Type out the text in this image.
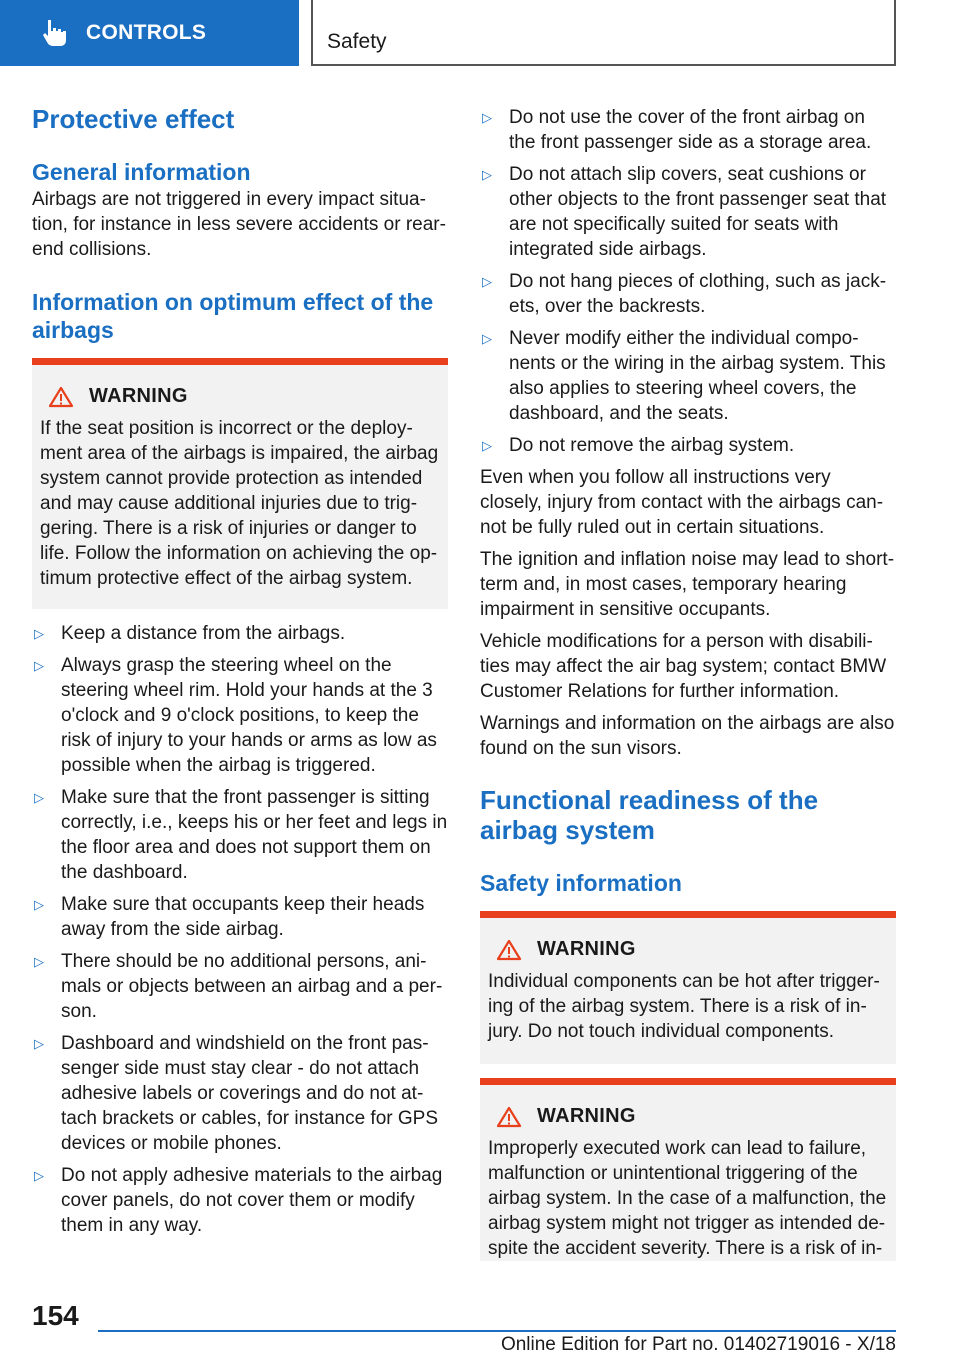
CONTROLS	Safety
Protective effect
General information

Airbags are not triggered in every impact situation, for instance in less severe accidents or rear-end collisions.

Information on optimum effect of the airbags
WARNING

If the seat position is incorrect or the deployment area of the airbags is impaired, the airbag system cannot provide protection as intended and may cause additional injuries due to triggering. There is a risk of injuries or danger to life. Follow the information on achieving the optimum protective effect of the airbag system.

▷ Keep a distance from the airbags.
▷ Always grasp the steering wheel on the steering wheel rim. Hold your hands at the 3 o'clock and 9 o'clock positions, to keep the risk of injury to your hands or arms as low as possible when the airbag is triggered.
▷ Make sure that the front passenger is sitting correctly, i.e., keeps his or her feet and legs in the floor area and does not support them on the dashboard.
▷ Make sure that occupants keep their heads away from the side airbag.
▷ There should be no additional persons, animals or objects between an airbag and a person.
▷ Dashboard and windshield on the front passenger side must stay clear - do not attach adhesive labels or coverings and do not attach brackets or cables, for instance for GPS devices or mobile phones.
▷ Do not apply adhesive materials to the airbag cover panels, do not cover them or modify them in any way.
▷ Do not use the cover of the front airbag on the front passenger side as a storage area.
▷ Do not attach slip covers, seat cushions or other objects to the front passenger seat that are not specifically suited for seats with integrated side airbags.
▷ Do not hang pieces of clothing, such as jackets, over the backrests.
▷ Never modify either the individual components or the wiring in the airbag system. This also applies to steering wheel covers, the dashboard, and the seats.
▷ Do not remove the airbag system.

Even when you follow all instructions very closely, injury from contact with the airbags cannot be fully ruled out in certain situations.

The ignition and inflation noise may lead to short-term and, in most cases, temporary hearing impairment in sensitive occupants.

Vehicle modifications for a person with disabilities may affect the air bag system; contact BMW Customer Relations for further information.

Warnings and information on the airbags are also found on the sun visors.

Functional readiness of the airbag system
Safety information
WARNING

Individual components can be hot after triggering of the airbag system. There is a risk of injury. Do not touch individual components.

WARNING

Improperly executed work can lead to failure, malfunction or unintentional triggering of the airbag system. In the case of a malfunction, the airbag system might not trigger as intended despite the accident severity. There is a risk of in-

154
Online Edition for Part no. 01402719016 - X/18
